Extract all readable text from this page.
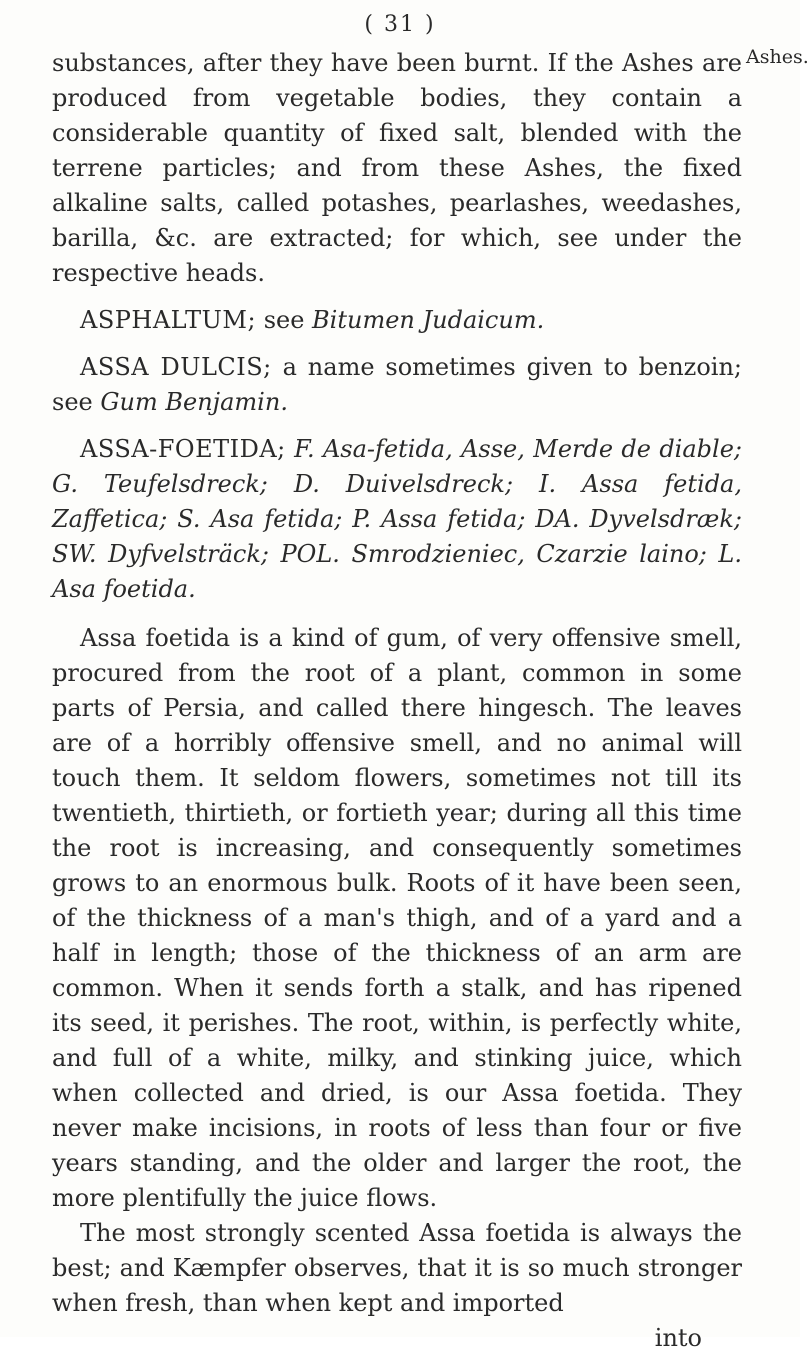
( 31 )
Ashes.

substances, after they have been burnt. If the Ashes are produced from vegetable bodies, they contain a considerable quantity of fixed salt, blended with the terrene particles; and from these Ashes, the fixed alkaline salts, called potashes, pearlashes, weedashes, barilla, &c. are extracted; for which, see under the respective heads.

ASPHALTUM; see Bitumen Judaicum.

ASSA DULCIS; a name sometimes given to benzoin; see Gum Benjamin.

ASSA-FOETIDA; F. Asa-fetida, Asse, Merde de diable; G. Teufelsdreck; D. Duivelsdreck; I. Assa fetida, Zaffetica; S. Asa fetida; P. Assa fetida; DA. Dyvelsdræk; SW. Dyfvelsträck; POL. Smrodzieniec, Czarzie laino; L. Asa foetida.

Assa foetida is a kind of gum, of very offensive smell, procured from the root of a plant, common in some parts of Persia, and called there hingesch. The leaves are of a horribly offensive smell, and no animal will touch them. It seldom flowers, sometimes not till its twentieth, thirtieth, or fortieth year; during all this time the root is increasing, and consequently sometimes grows to an enormous bulk. Roots of it have been seen, of the thickness of a man's thigh, and of a yard and a half in length; those of the thickness of an arm are common. When it sends forth a stalk, and has ripened its seed, it perishes. The root, within, is perfectly white, and full of a white, milky, and stinking juice, which when collected and dried, is our Assa foetida. They never make incisions, in roots of less than four or five years standing, and the older and larger the root, the more plentifully the juice flows.

The most strongly scented Assa foetida is always the best; and Kæmpfer observes, that it is so much stronger when fresh, than when kept and imported

into
